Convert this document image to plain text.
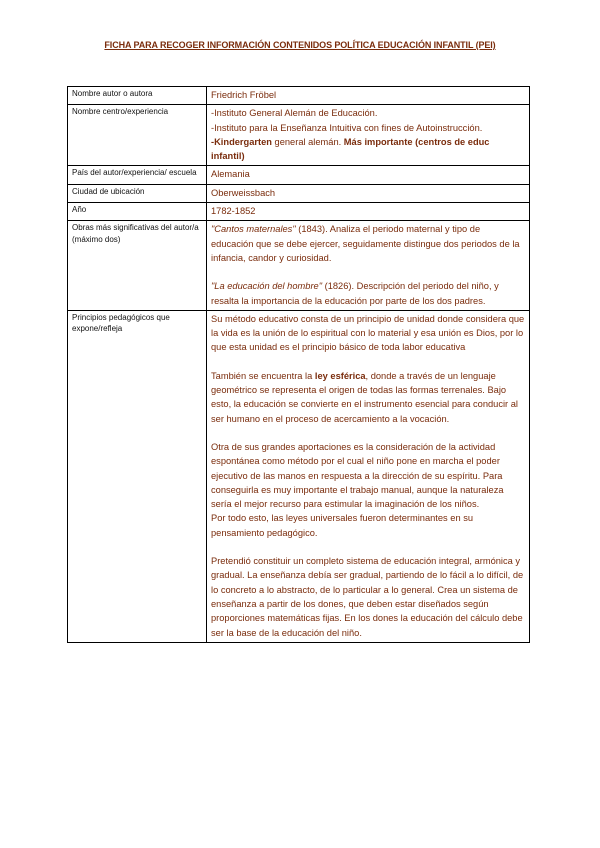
FICHA PARA RECOGER INFORMACIÓN CONTENIDOS POLÍTICA EDUCACIÓN INFANTIL (PEI)
Nombre autor o autora	Friedrich Fröbel
Nombre centro/experiencia	-Instituto General Alemán de Educación.

-Instituto para la Enseñanza Intuitiva con fines de Autoinstrucción.

-Kindergarten general alemán. Más importante (centros de educ infantil)

País del autor/experiencia/ escuela	Alemania
Ciudad de ubicación	Oberweissbach
Año	1782-1852
Obras más significativas del autor/a (máximo dos)	"Cantos maternales" (1843). Analiza el periodo maternal y tipo de educación que se debe ejercer, seguidamente distingue dos periodos de la infancia, candor y curiosidad.

"La educación del hombre" (1826). Descripción del periodo del niño, y resalta la importancia de la educación por parte de los dos padres.

Principios pedagógicos que expone/refleja	Su método educativo consta de un principio de unidad donde considera que la vida es la unión de lo espiritual con lo material y esa unión es Dios, por lo que esta unidad es el principio básico de toda labor educativa

También se encuentra la ley esférica, donde a través de un lenguaje geométrico se representa el origen de todas las formas terrenales. Bajo esto, la educación se convierte en el instrumento esencial para conducir al ser humano en el proceso de acercamiento a la vocación.

Otra de sus grandes aportaciones es la consideración de la actividad espontánea como método por el cual el niño pone en marcha el poder ejecutivo de las manos en respuesta a la dirección de su espíritu. Para conseguirla es muy importante el trabajo manual, aunque la naturaleza sería el mejor recurso para estimular la imaginación de los niños.

Por todo esto, las leyes universales fueron determinantes en su pensamiento pedagógico.

Pretendió constituir un completo sistema de educación integral, armónica y gradual. La enseñanza debía ser gradual, partiendo de lo fácil a lo difícil, de lo concreto a lo abstracto, de lo particular a lo general. Crea un sistema de enseñanza a partir de los dones, que deben estar diseñados según proporciones matemáticas fijas. En los dones la educación del cálculo debe ser la base de la educación del niño.
